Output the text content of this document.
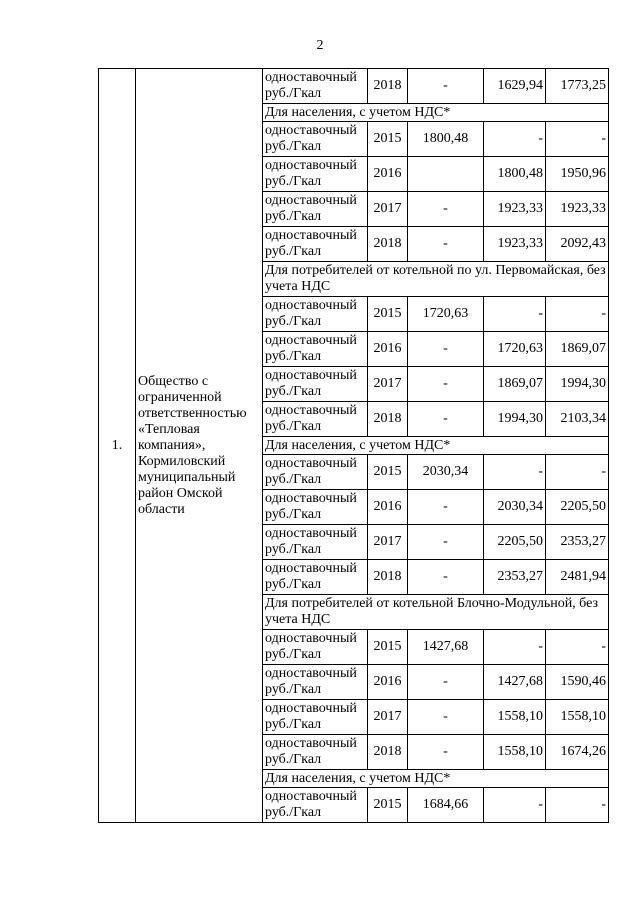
2
1.	Общество с ограниченной ответственностью «Тепловая компания», Кормиловский муниципальный район Омской области	одноставочный руб./Гкал	2018	-	1629,94	1773,25
		Для населения, с учетом НДС*				
		одноставочный руб./Гкал	2015	1800,48	-	-
		одноставочный руб./Гкал	2016		1800,48	1950,96
		одноставочный руб./Гкал	2017	-	1923,33	1923,33
		одноставочный руб./Гкал	2018	-	1923,33	2092,43
		Для потребителей от котельной по ул. Первомайская, без учета НДС				
		одноставочный руб./Гкал	2015	1720,63	-	-
		одноставочный руб./Гкал	2016	-	1720,63	1869,07
		одноставочный руб./Гкал	2017	-	1869,07	1994,30
		одноставочный руб./Гкал	2018	-	1994,30	2103,34
		Для населения, с учетом НДС*				
		одноставочный руб./Гкал	2015	2030,34	-	-
		одноставочный руб./Гкал	2016	-	2030,34	2205,50
		одноставочный руб./Гкал	2017	-	2205,50	2353,27
		одноставочный руб./Гкал	2018	-	2353,27	2481,94
		Для потребителей от котельной Блочно-Модульной, без учета НДС				
		одноставочный руб./Гкал	2015	1427,68	-	-
		одноставочный руб./Гкал	2016	-	1427,68	1590,46
		одноставочный руб./Гкал	2017	-	1558,10	1558,10
		одноставочный руб./Гкал	2018	-	1558,10	1674,26
		Для населения, с учетом НДС*				
		одноставочный руб./Гкал	2015	1684,66	-	-
